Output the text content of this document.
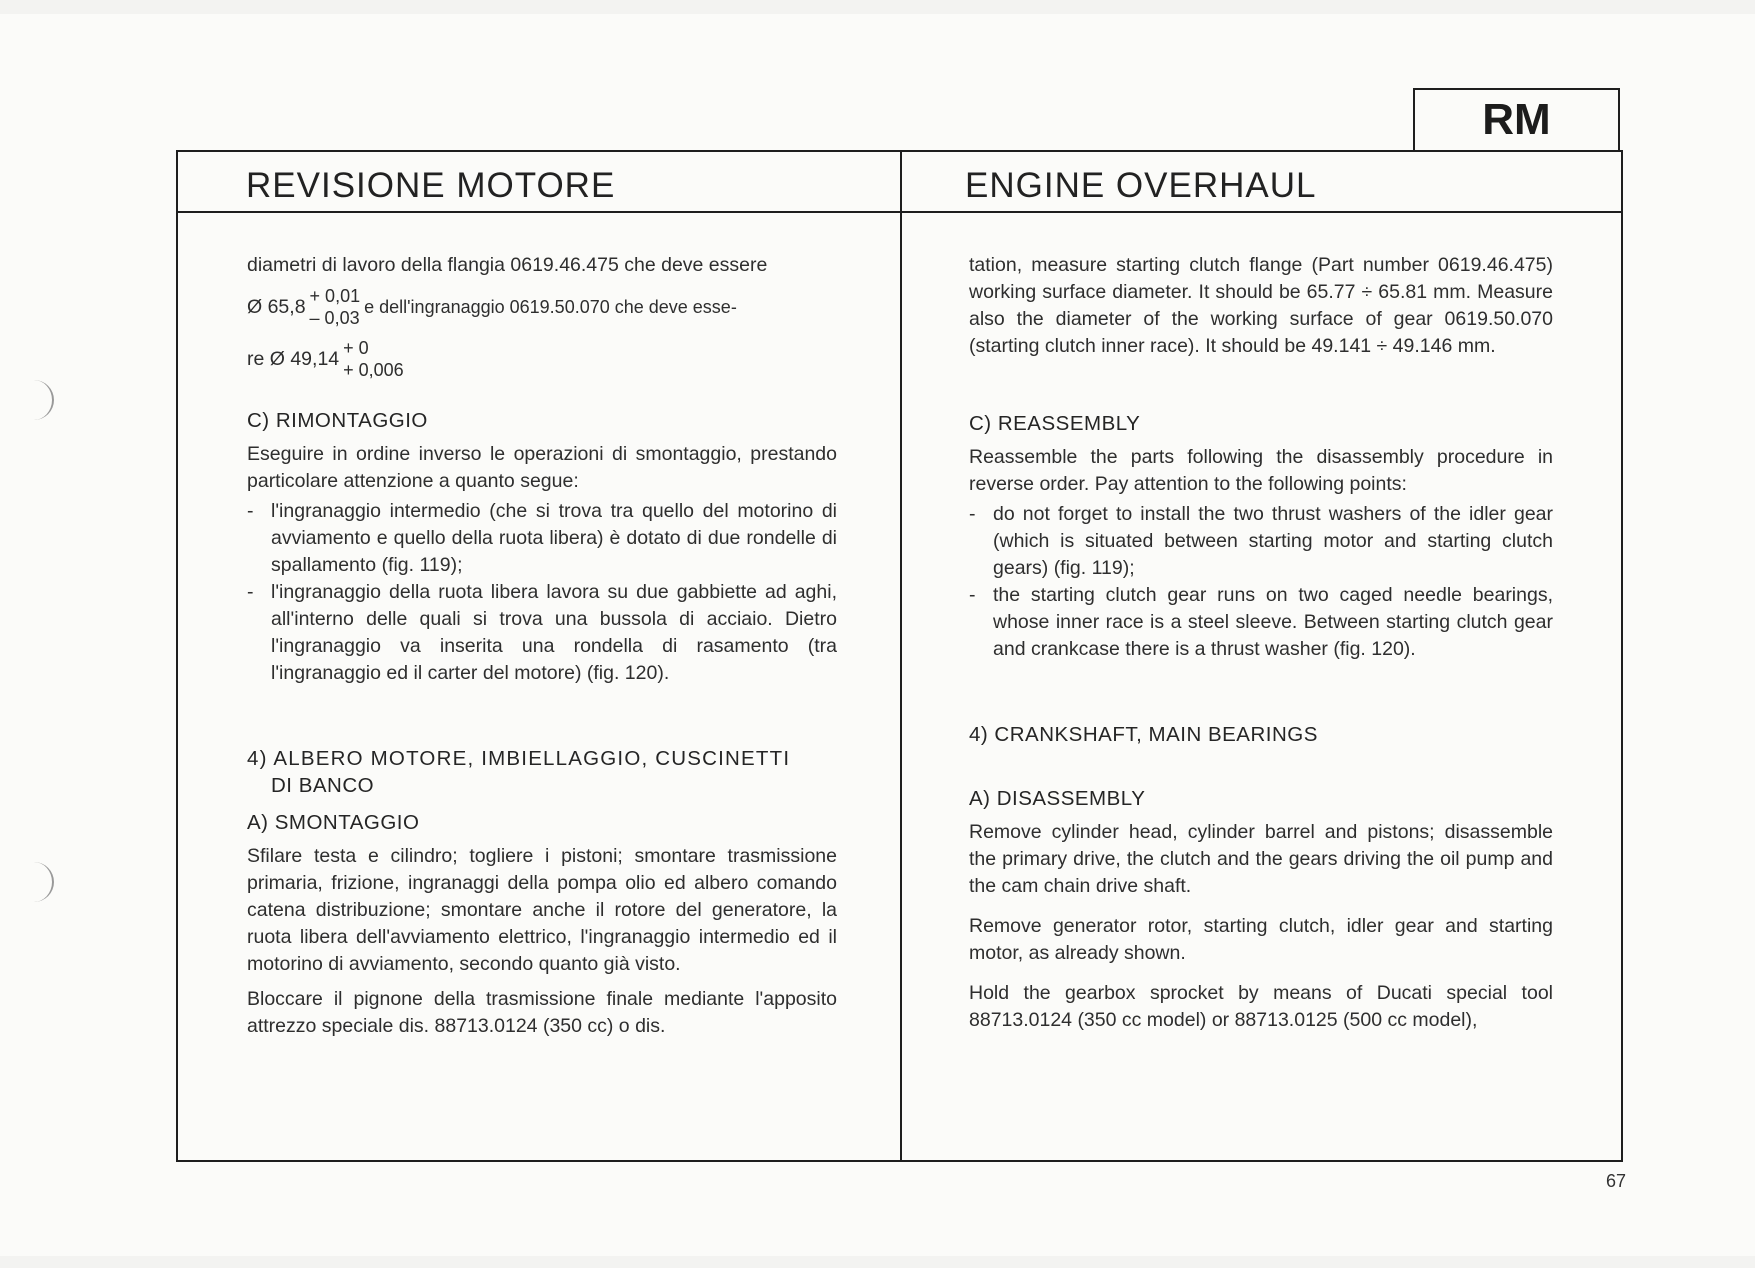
RM
REVISIONE MOTORE	ENGINE OVERHAUL

diametri di lavoro della flangia 0619.46.475 che deve essere

Ø 65,8 + 0,01
– 0,03
e dell'ingranaggio 0619.50.070 che deve esse-
re Ø 49,14 + 0
+ 0,006
C) RIMONTAGGIO

Eseguire in ordine inverso le operazioni di smontaggio, prestando particolare attenzione a quanto segue:

- l'ingranaggio intermedio (che si trova tra quello del motorino di avviamento e quello della ruota libera) è dotato di due rondelle di spallamento (fig. 119);
- l'ingranaggio della ruota libera lavora su due gabbiette ad aghi, all'interno delle quali si trova una bussola di acciaio. Dietro l'ingranaggio va inserita una rondella di rasamento (tra l'ingranaggio ed il carter del motore) (fig. 120).
4) ALBERO MOTORE, IMBIELLAGGIO, CUSCINETTI
DI BANCO
A) SMONTAGGIO

Sfilare testa e cilindro; togliere i pistoni; smontare trasmissione primaria, frizione, ingranaggi della pompa olio ed albero comando catena distribuzione; smontare anche il rotore del generatore, la ruota libera dell'avviamento elettrico, l'ingranaggio intermedio ed il motorino di avviamento, secondo quanto già visto.

Bloccare il pignone della trasmissione finale mediante l'apposito attrezzo speciale dis. 88713.0124 (350 cc) o dis.

tation, measure starting clutch flange (Part number 0619.46.475) working surface diameter. It should be 65.77 ÷ 65.81 mm. Measure also the diameter of the working surface of gear 0619.50.070 (starting clutch inner race). It should be 49.141 ÷ 49.146 mm.

C) REASSEMBLY

Reassemble the parts following the disassembly procedure in reverse order. Pay attention to the following points:

- do not forget to install the two thrust washers of the idler gear (which is situated between starting motor and starting clutch gears) (fig. 119);
- the starting clutch gear runs on two caged needle bearings, whose inner race is a steel sleeve. Between starting clutch gear and crankcase there is a thrust washer (fig. 120).
4) CRANKSHAFT, MAIN BEARINGS
A) DISASSEMBLY

Remove cylinder head, cylinder barrel and pistons; disassemble the primary drive, the clutch and the gears driving the oil pump and the cam chain drive shaft.

Remove generator rotor, starting clutch, idler gear and starting motor, as already shown.

Hold the gearbox sprocket by means of Ducati special tool 88713.0124 (350 cc model) or 88713.0125 (500 cc model),

67
